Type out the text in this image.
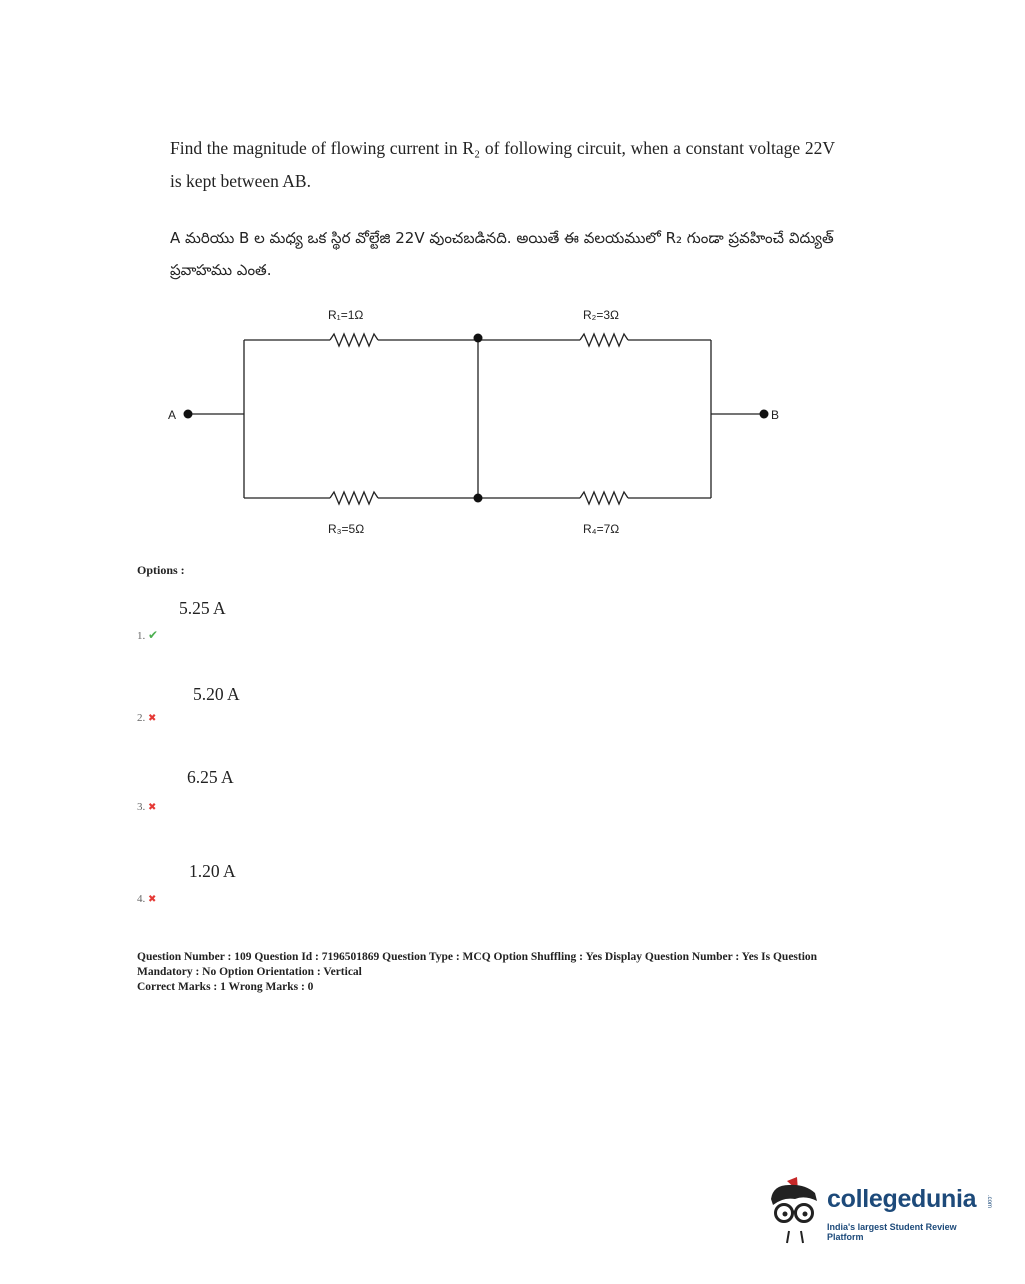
Find the magnitude of flowing current in R₂ of following circuit, when a constant voltage 22V is kept between AB.

A మరియు B ల మధ్య ఒక స్థిర వోల్టేజి 22V వుంచబడినది. అయితే ఈ వలయములో R₂ గుండా ప్రవహించే విద్యుత్ ప్రవాహము ఎంత.

R₁=1Ω	R₂=3Ω
R₃=5Ω	R₄=7Ω
A	B

Options :

5.25 A

1. ✔

5.20 A

2. ✖

6.25 A

3. ✖

1.20 A

4. ✖

Question Number : 109 Question Id : 7196501869 Question Type : MCQ Option Shuffling : Yes Display Question Number : Yes Is Question Mandatory : No Option Orientation : Vertical

Correct Marks : 1 Wrong Marks : 0

collegedunia .com
India's largest Student Review Platform
